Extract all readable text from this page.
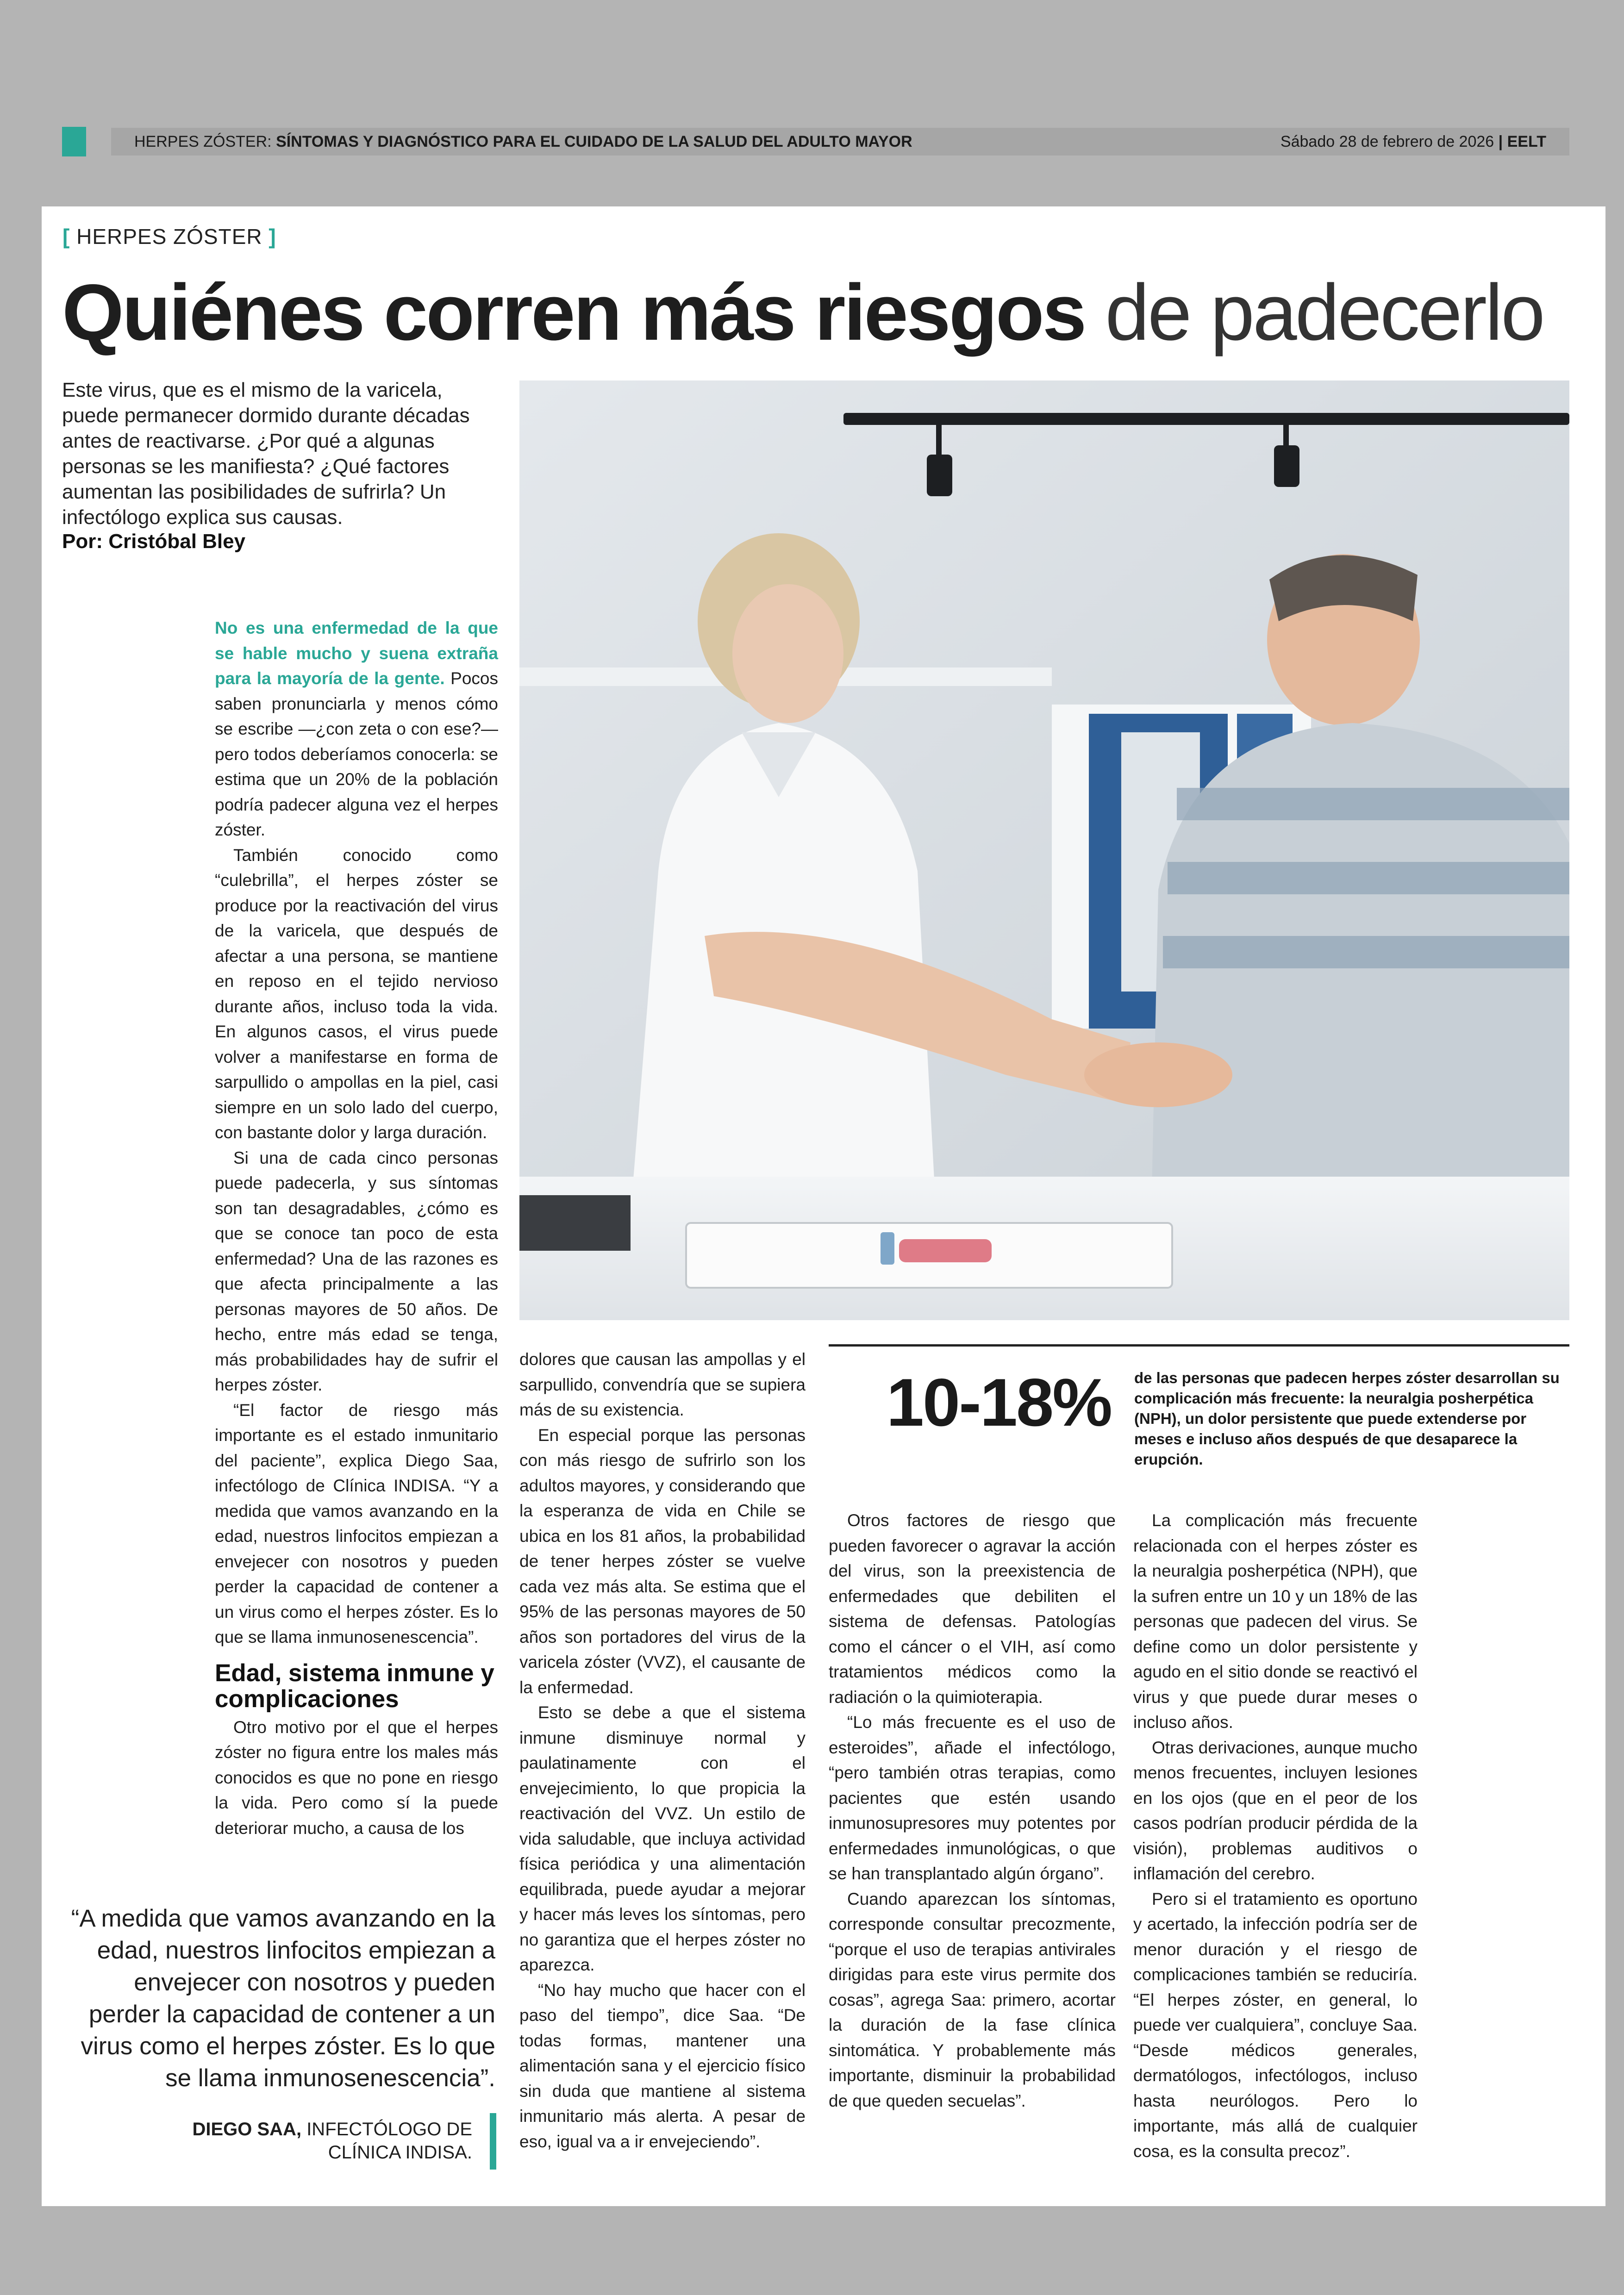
HERPES ZÓSTER: SÍNTOMAS Y DIAGNÓSTICO PARA EL CUIDADO DE LA SALUD DEL ADULTO MAYOR	Sábado 28 de febrero de 2026 | EELT
[ HERPES ZÓSTER ]
Quiénes corren más riesgos de padecerlo
Este virus, que es el mismo de la varicela, puede permanecer dormido durante décadas antes de reactivarse. ¿Por qué a algunas personas se les manifiesta? ¿Qué factores aumentan las posibilidades de sufrirla? Un infectólogo explica sus causas.
Por: Cristóbal Bley

No es una enfermedad de la que se hable mucho y suena extraña para la mayoría de la gente. Pocos saben pronunciarla y menos cómo se escribe —¿con zeta o con ese?— pero todos deberíamos conocerla: se estima que un 20% de la población podría padecer alguna vez el herpes zóster.

También conocido como “culebrilla”, el herpes zóster se produce por la reactivación del virus de la varicela, que después de afectar a una persona, se mantiene en reposo en el tejido nervioso durante años, incluso toda la vida. En algunos casos, el virus puede volver a manifestarse en forma de sarpullido o ampollas en la piel, casi siempre en un solo lado del cuerpo, con bastante dolor y larga duración.

Si una de cada cinco personas puede padecerla, y sus síntomas son tan desagradables, ¿cómo es que se conoce tan poco de esta enfermedad? Una de las razones es que afecta principalmente a las personas mayores de 50 años. De hecho, entre más edad se tenga, más probabilidades hay de sufrir el herpes zóster.

“El factor de riesgo más importante es el estado inmunitario del paciente”, explica Diego Saa, infectólogo de Clínica INDISA. “Y a medida que vamos avanzando en la edad, nuestros linfocitos empiezan a envejecer con nosotros y pueden perder la capacidad de contener a un virus como el herpes zóster. Es lo que se llama inmunosenescencia”.

Edad, sistema inmune y complicaciones

Otro motivo por el que el herpes zóster no figura entre los males más conocidos es que no pone en riesgo la vida. Pero como sí la puede deteriorar mucho, a causa de los

dolores que causan las ampollas y el sarpullido, convendría que se supiera más de su existencia.

En especial porque las personas con más riesgo de sufrirlo son los adultos mayores, y considerando que la esperanza de vida en Chile se ubica en los 81 años, la probabilidad de tener herpes zóster se vuelve cada vez más alta. Se estima que el 95% de las personas mayores de 50 años son portadores del virus de la varicela zóster (VVZ), el causante de la enfermedad.

Esto se debe a que el sistema inmune disminuye normal y paulatinamente con el envejecimiento, lo que propicia la reactivación del VVZ. Un estilo de vida saludable, que incluya actividad física periódica y una alimentación equilibrada, puede ayudar a mejorar y hacer más leves los síntomas, pero no garantiza que el herpes zóster no aparezca.

“No hay mucho que hacer con el paso del tiempo”, dice Saa. “De todas formas, mantener una alimentación sana y el ejercicio físico sin duda que mantiene al sistema inmunitario más alerta. A pesar de eso, igual va a ir envejeciendo”.

10-18% de las personas que padecen herpes zóster desarrollan su complicación más frecuente: la neuralgia posherpética (NPH), un dolor persistente que puede extenderse por meses e incluso años después de que desaparece la erupción.

Otros factores de riesgo que pueden favorecer o agravar la acción del virus, son la preexistencia de enfermedades que debiliten el sistema de defensas. Patologías como el cáncer o el VIH, así como tratamientos médicos como la radiación o la quimioterapia.

“Lo más frecuente es el uso de esteroides”, añade el infectólogo, “pero también otras terapias, como pacientes que estén usando inmunosupresores muy potentes por enfermedades inmunológicas, o que se han transplantado algún órgano”.

Cuando aparezcan los síntomas, corresponde consultar precozmente, “porque el uso de terapias antivirales dirigidas para este virus permite dos cosas”, agrega Saa: primero, acortar la duración de la fase clínica sintomática. Y probablemente más importante, disminuir la probabilidad de que queden secuelas”.

La complicación más frecuente relacionada con el herpes zóster es la neuralgia posherpética (NPH), que la sufren entre un 10 y un 18% de las personas que padecen del virus. Se define como un dolor persistente y agudo en el sitio donde se reactivó el virus y que puede durar meses o incluso años.

Otras derivaciones, aunque mucho menos frecuentes, incluyen lesiones en los ojos (que en el peor de los casos podrían producir pérdida de la visión), problemas auditivos o inflamación del cerebro.

Pero si el tratamiento es oportuno y acertado, la infección podría ser de menor duración y el riesgo de complicaciones también se reduciría. “El herpes zóster, en general, lo puede ver cualquiera”, concluye Saa. “Desde médicos generales, dermatólogos, infectólogos, incluso hasta neurólogos. Pero lo importante, más allá de cualquier cosa, es la consulta precoz”.

“A medida que vamos avanzando en la edad, nuestros linfocitos empiezan a envejecer con nosotros y pueden perder la capacidad de contener a un virus como el herpes zóster. Es lo que se llama inmunosenescencia”.
DIEGO SAA, INFECTÓLOGO DE CLÍNICA INDISA.
